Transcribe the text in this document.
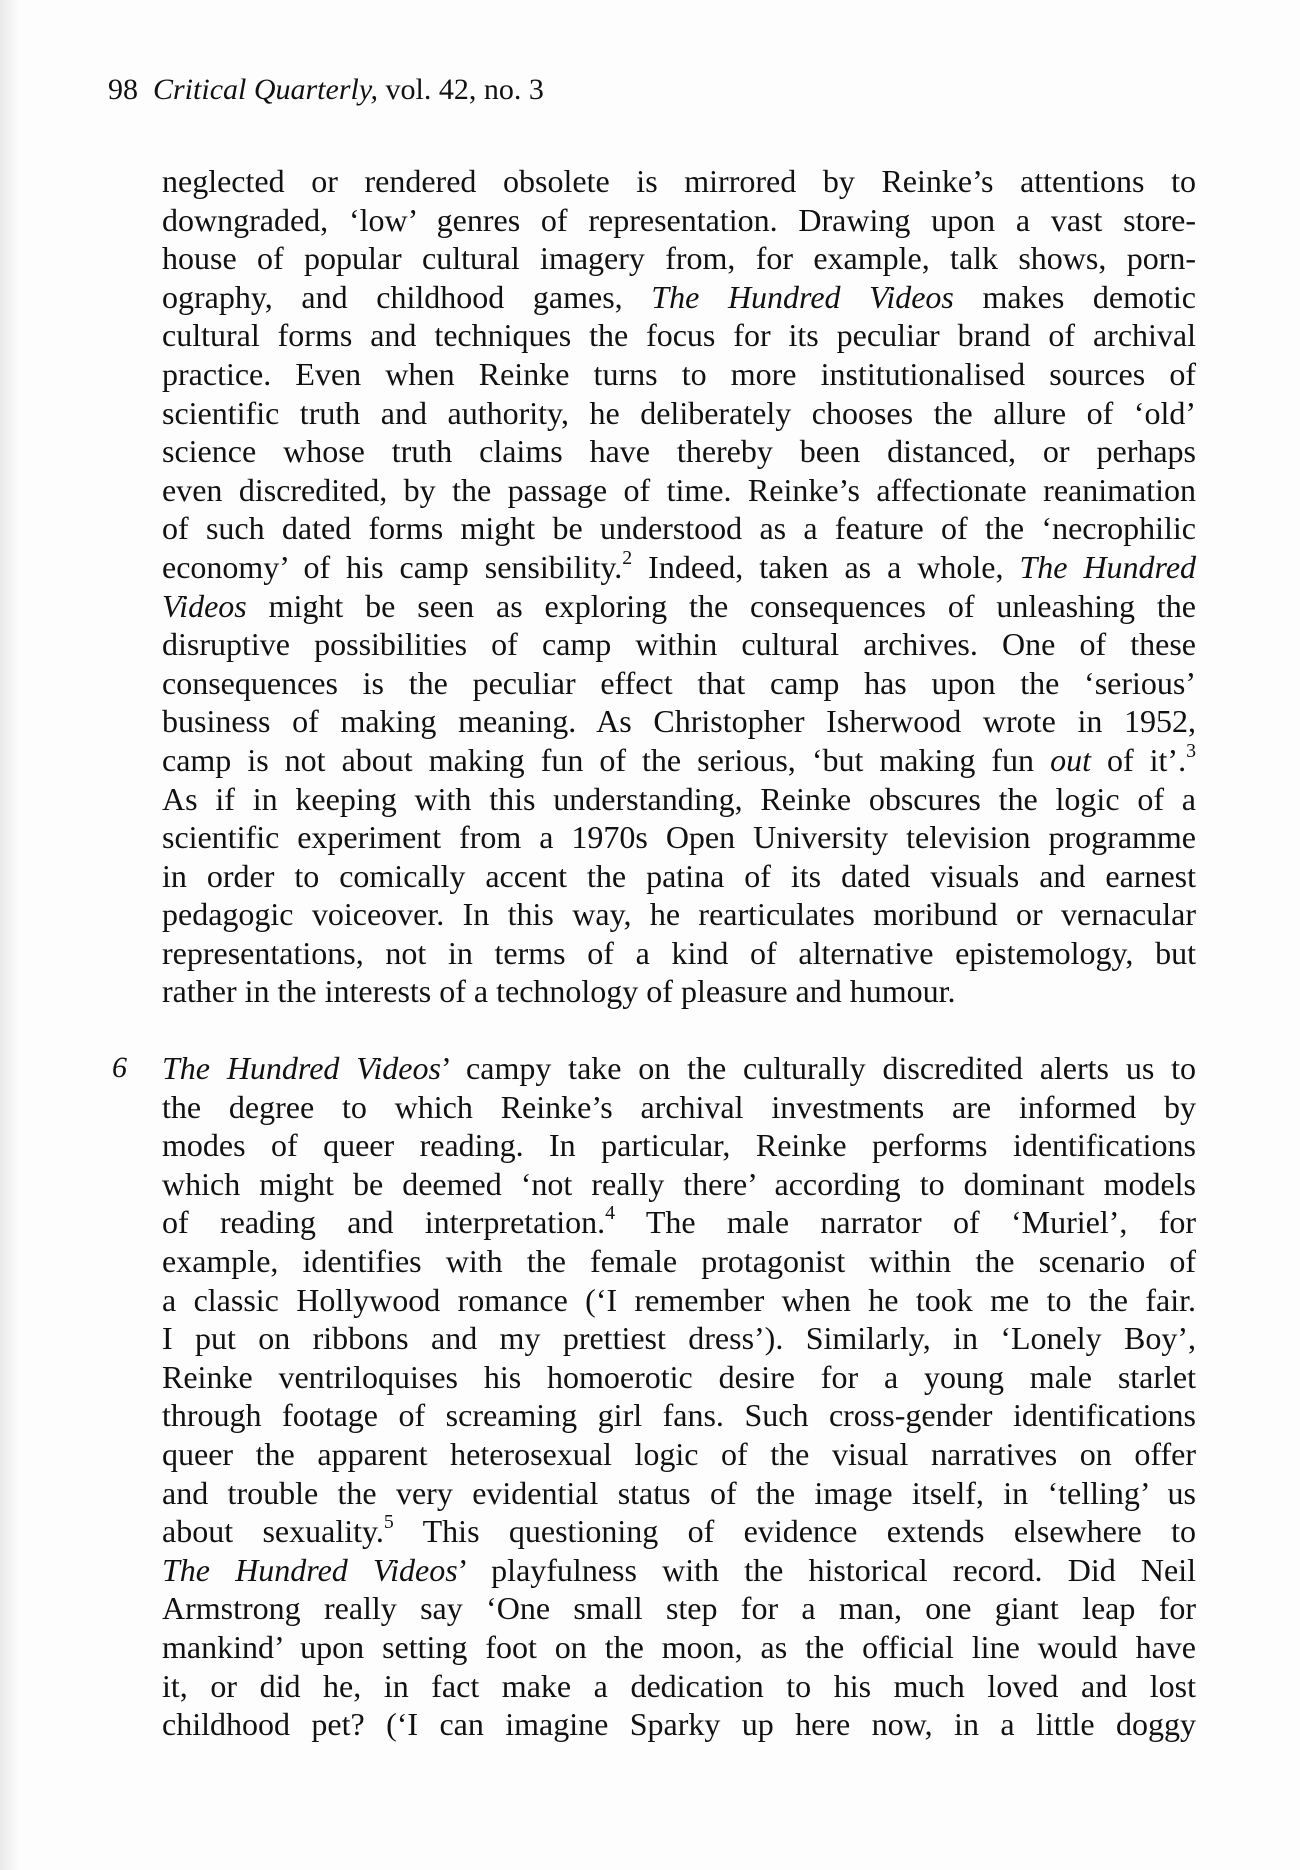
98 Critical Quarterly, vol. 42, no. 3
neglected or rendered obsolete is mirrored by Reinke’s attentions to
downgraded, ‘low’ genres of representation. Drawing upon a vast store-
house of popular cultural imagery from, for example, talk shows, porn-
ography, and childhood games, The Hundred Videos makes demotic
cultural forms and techniques the focus for its peculiar brand of archival
practice. Even when Reinke turns to more institutionalised sources of
scientific truth and authority, he deliberately chooses the allure of ‘old’
science whose truth claims have thereby been distanced, or perhaps
even discredited, by the passage of time. Reinke’s affectionate reanimation
of such dated forms might be understood as a feature of the ‘necrophilic
economy’ of his camp sensibility.$^2$ Indeed, taken as a whole, The Hundred
Videos might be seen as exploring the consequences of unleashing the
disruptive possibilities of camp within cultural archives. One of these
consequences is the peculiar effect that camp has upon the ‘serious’
business of making meaning. As Christopher Isherwood wrote in 1952,
camp is not about making fun of the serious, ‘but making fun out of it’.$^3$
As if in keeping with this understanding, Reinke obscures the logic of a
scientific experiment from a 1970s Open University television programme
in order to comically accent the patina of its dated visuals and earnest
pedagogic voiceover. In this way, he rearticulates moribund or vernacular
representations, not in terms of a kind of alternative epistemology, but
rather in the interests of a technology of pleasure and humour.
6 The Hundred Videos’ campy take on the culturally discredited alerts us to
the degree to which Reinke’s archival investments are informed by
modes of queer reading. In particular, Reinke performs identifications
which might be deemed ‘not really there’ according to dominant models
of reading and interpretation.$^4$ The male narrator of ‘Muriel’, for
example, identifies with the female protagonist within the scenario of
a classic Hollywood romance (‘I remember when he took me to the fair.
I put on ribbons and my prettiest dress’). Similarly, in ‘Lonely Boy’,
Reinke ventriloquises his homoerotic desire for a young male starlet
through footage of screaming girl fans. Such cross-gender identifications
queer the apparent heterosexual logic of the visual narratives on offer
and trouble the very evidential status of the image itself, in ‘telling’ us
about sexuality.$^5$ This questioning of evidence extends elsewhere to
The Hundred Videos’ playfulness with the historical record. Did Neil
Armstrong really say ‘One small step for a man, one giant leap for
mankind’ upon setting foot on the moon, as the official line would have
it, or did he, in fact make a dedication to his much loved and lost
childhood pet? (‘I can imagine Sparky up here now, in a little doggy
